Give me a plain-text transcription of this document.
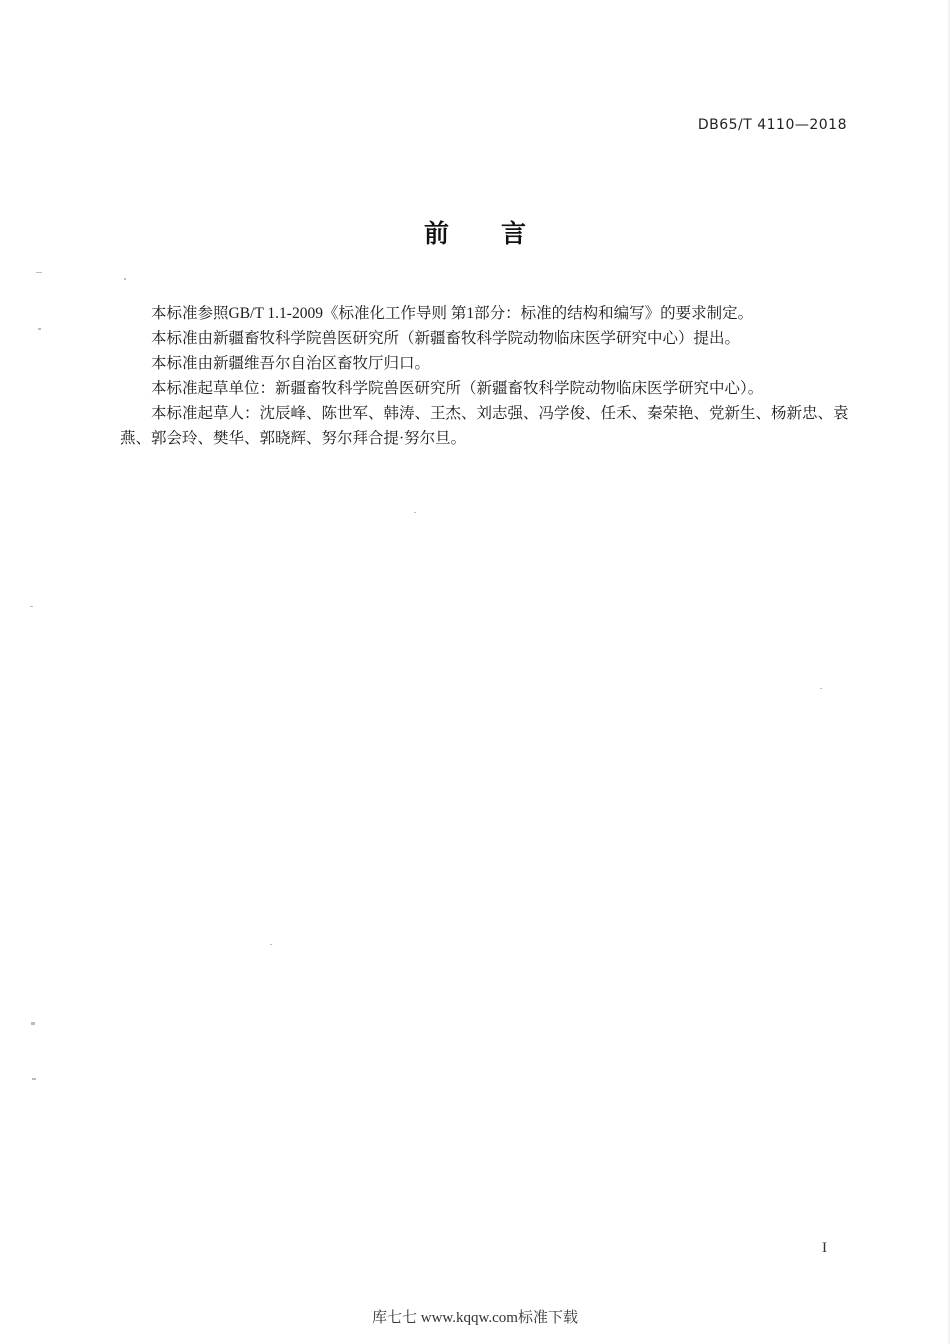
DB65/T 4110—2018
前 言

本标准参照GB/T 1.1-2009《标准化工作导则 第1部分：标准的结构和编写》的要求制定。

本标准由新疆畜牧科学院兽医研究所（新疆畜牧科学院动物临床医学研究中心）提出。

本标准由新疆维吾尔自治区畜牧厅归口。

本标准起草单位：新疆畜牧科学院兽医研究所（新疆畜牧科学院动物临床医学研究中心）。

本标准起草人：沈辰峰、陈世军、韩涛、王杰、刘志强、冯学俊、任禾、秦荣艳、党新生、杨新忠、袁燕、郭会玲、樊华、郭晓辉、努尔拜合提·努尔旦。

I
库七七 www.kqqw.com标准下载
